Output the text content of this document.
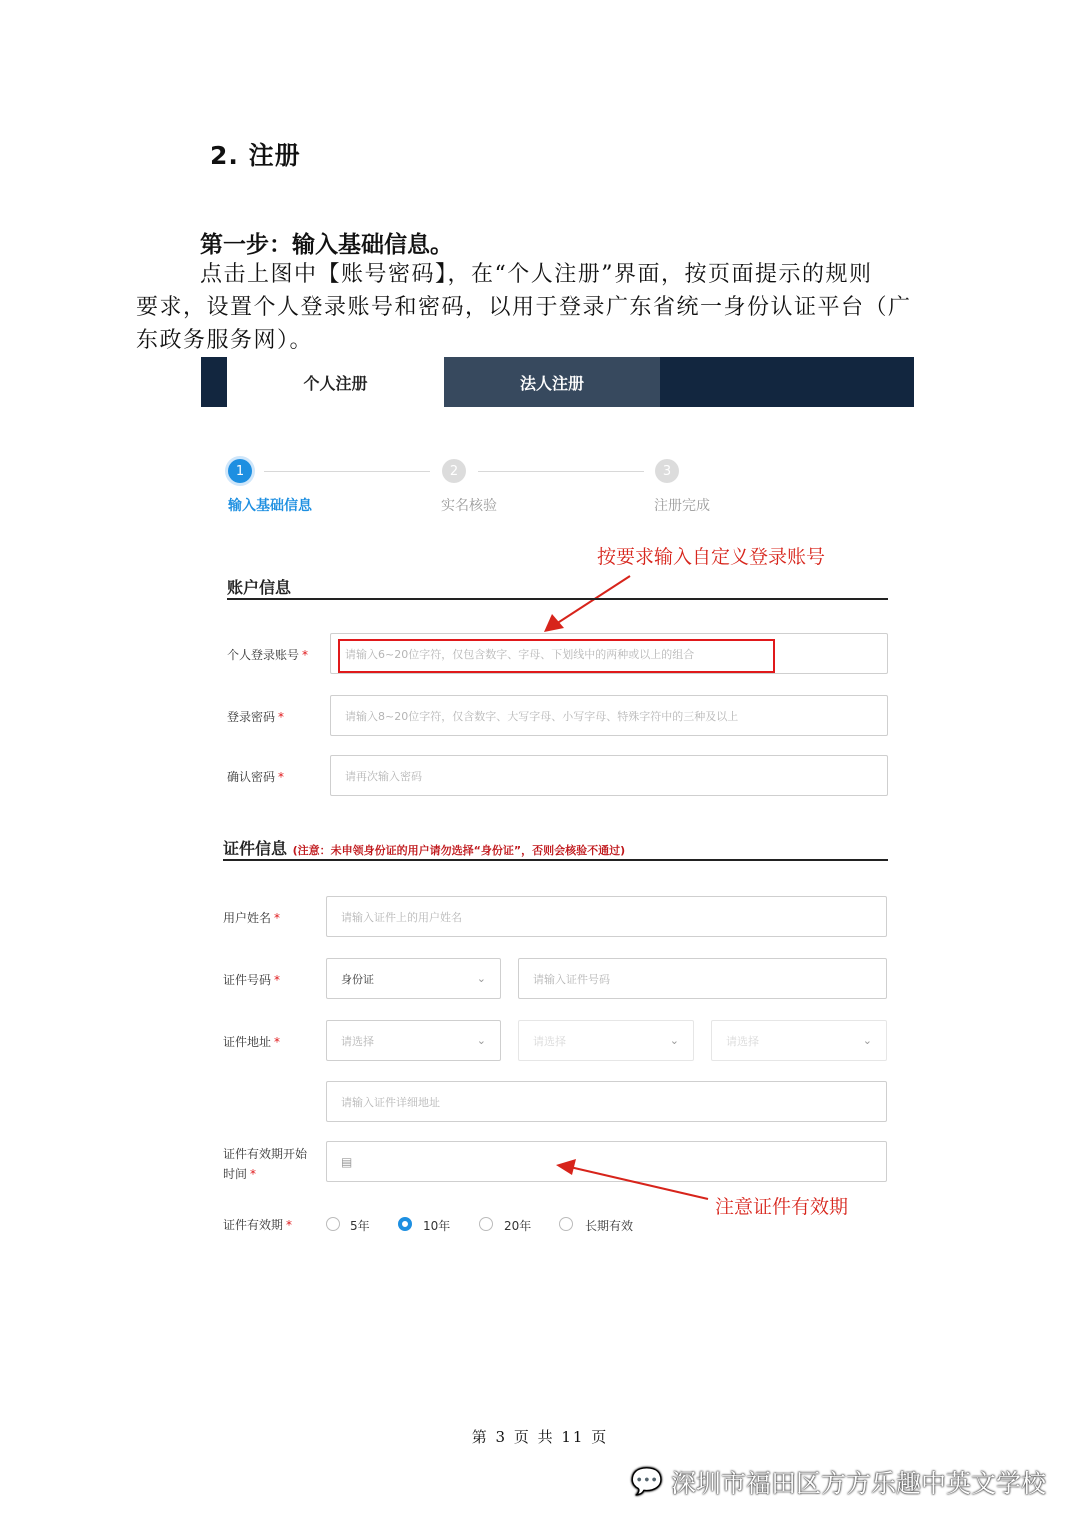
2. 注册
第一步：输入基础信息。
点击上图中【账号密码】，在“个人注册”界面，按页面提示的规则
要求，设置个人登录账号和密码，以用于登录广东省统一身份认证平台（广
东政务服务网）。
个人注册	法人注册
1	2	3
输入基础信息	实名核验	注册完成
按要求输入自定义登录账号
账户信息
个人登录账号 *	请输入6~20位字符，仅包含数字、字母、下划线中的两种或以上的组合
登录密码 *	请输入8~20位字符，仅含数字、大写字母、小写字母、特殊字符中的三种及以上
确认密码 *	请再次输入密码
证件信息 (注意：未申领身份证的用户请勿选择“身份证”，否则会核验不通过)
用户姓名 *	请输入证件上的用户姓名
证件号码 *	身份证	⌄	请输入证件号码
证件地址 *	请选择	⌄	请选择	⌄	请选择	⌄
请输入证件详细地址
证件有效期开始
时间 *
▤
注意证件有效期
证件有效期 *	5年	10年	20年	长期有效
第 3 页 共 11 页
💬 深圳市福田区方方乐趣中英文学校
